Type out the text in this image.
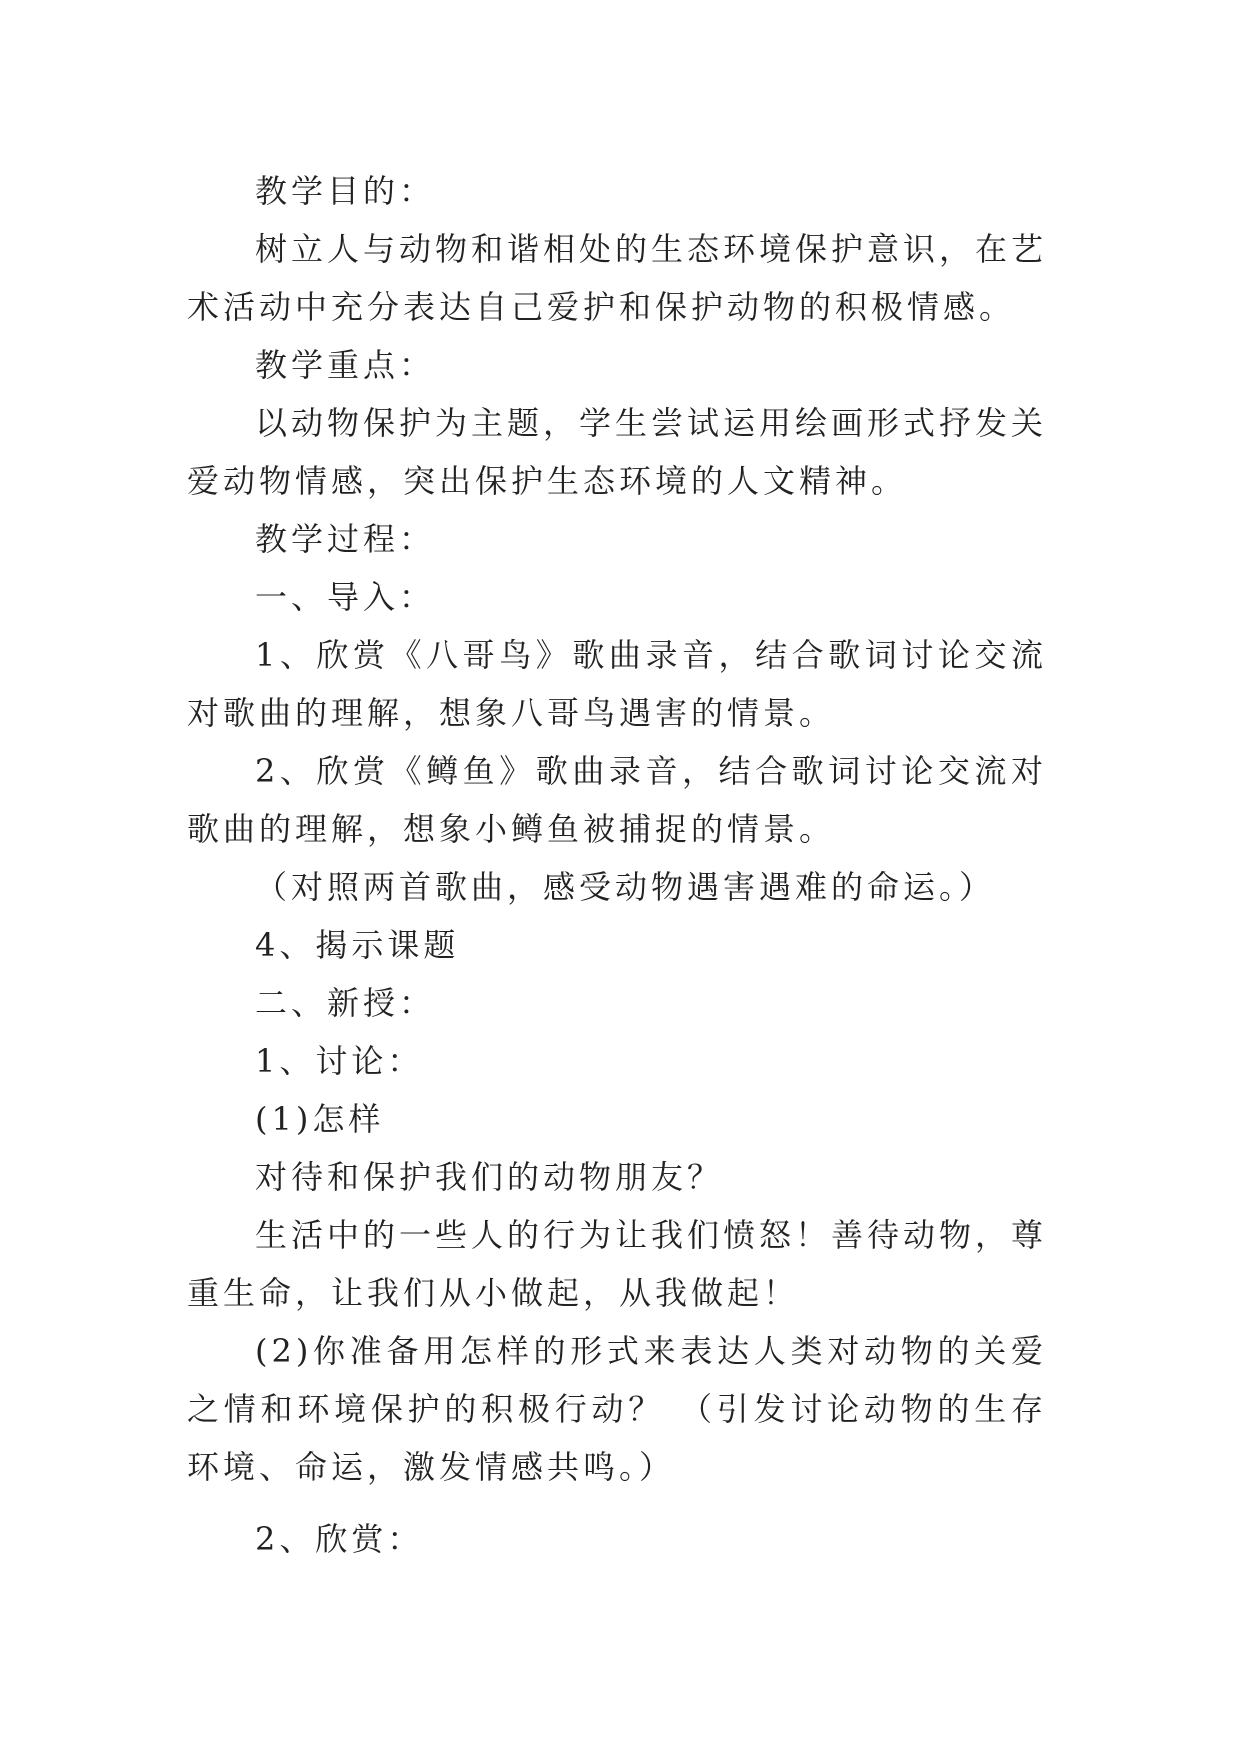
教学目的：

树立人与动物和谐相处的生态环境保护意识，在艺术活动中充分表达自己爱护和保护动物的积极情感。

教学重点：

以动物保护为主题，学生尝试运用绘画形式抒发关爱动物情感，突出保护生态环境的人文精神。

教学过程：

一、导入：

1、欣赏《八哥鸟》歌曲录音，结合歌词讨论交流对歌曲的理解，想象八哥鸟遇害的情景。

2、欣赏《鳟鱼》歌曲录音，结合歌词讨论交流对歌曲的理解，想象小鳟鱼被捕捉的情景。

（对照两首歌曲，感受动物遇害遇难的命运。）

4、揭示课题

二、新授：

1、讨论：

(1)怎样

对待和保护我们的动物朋友？

生活中的一些人的行为让我们愤怒！善待动物，尊重生命，让我们从小做起，从我做起！

(2)你准备用怎样的形式来表达人类对动物的关爱之情和环境保护的积极行动？ （引发讨论动物的生存环境、命运，激发情感共鸣。）

2、欣赏：
